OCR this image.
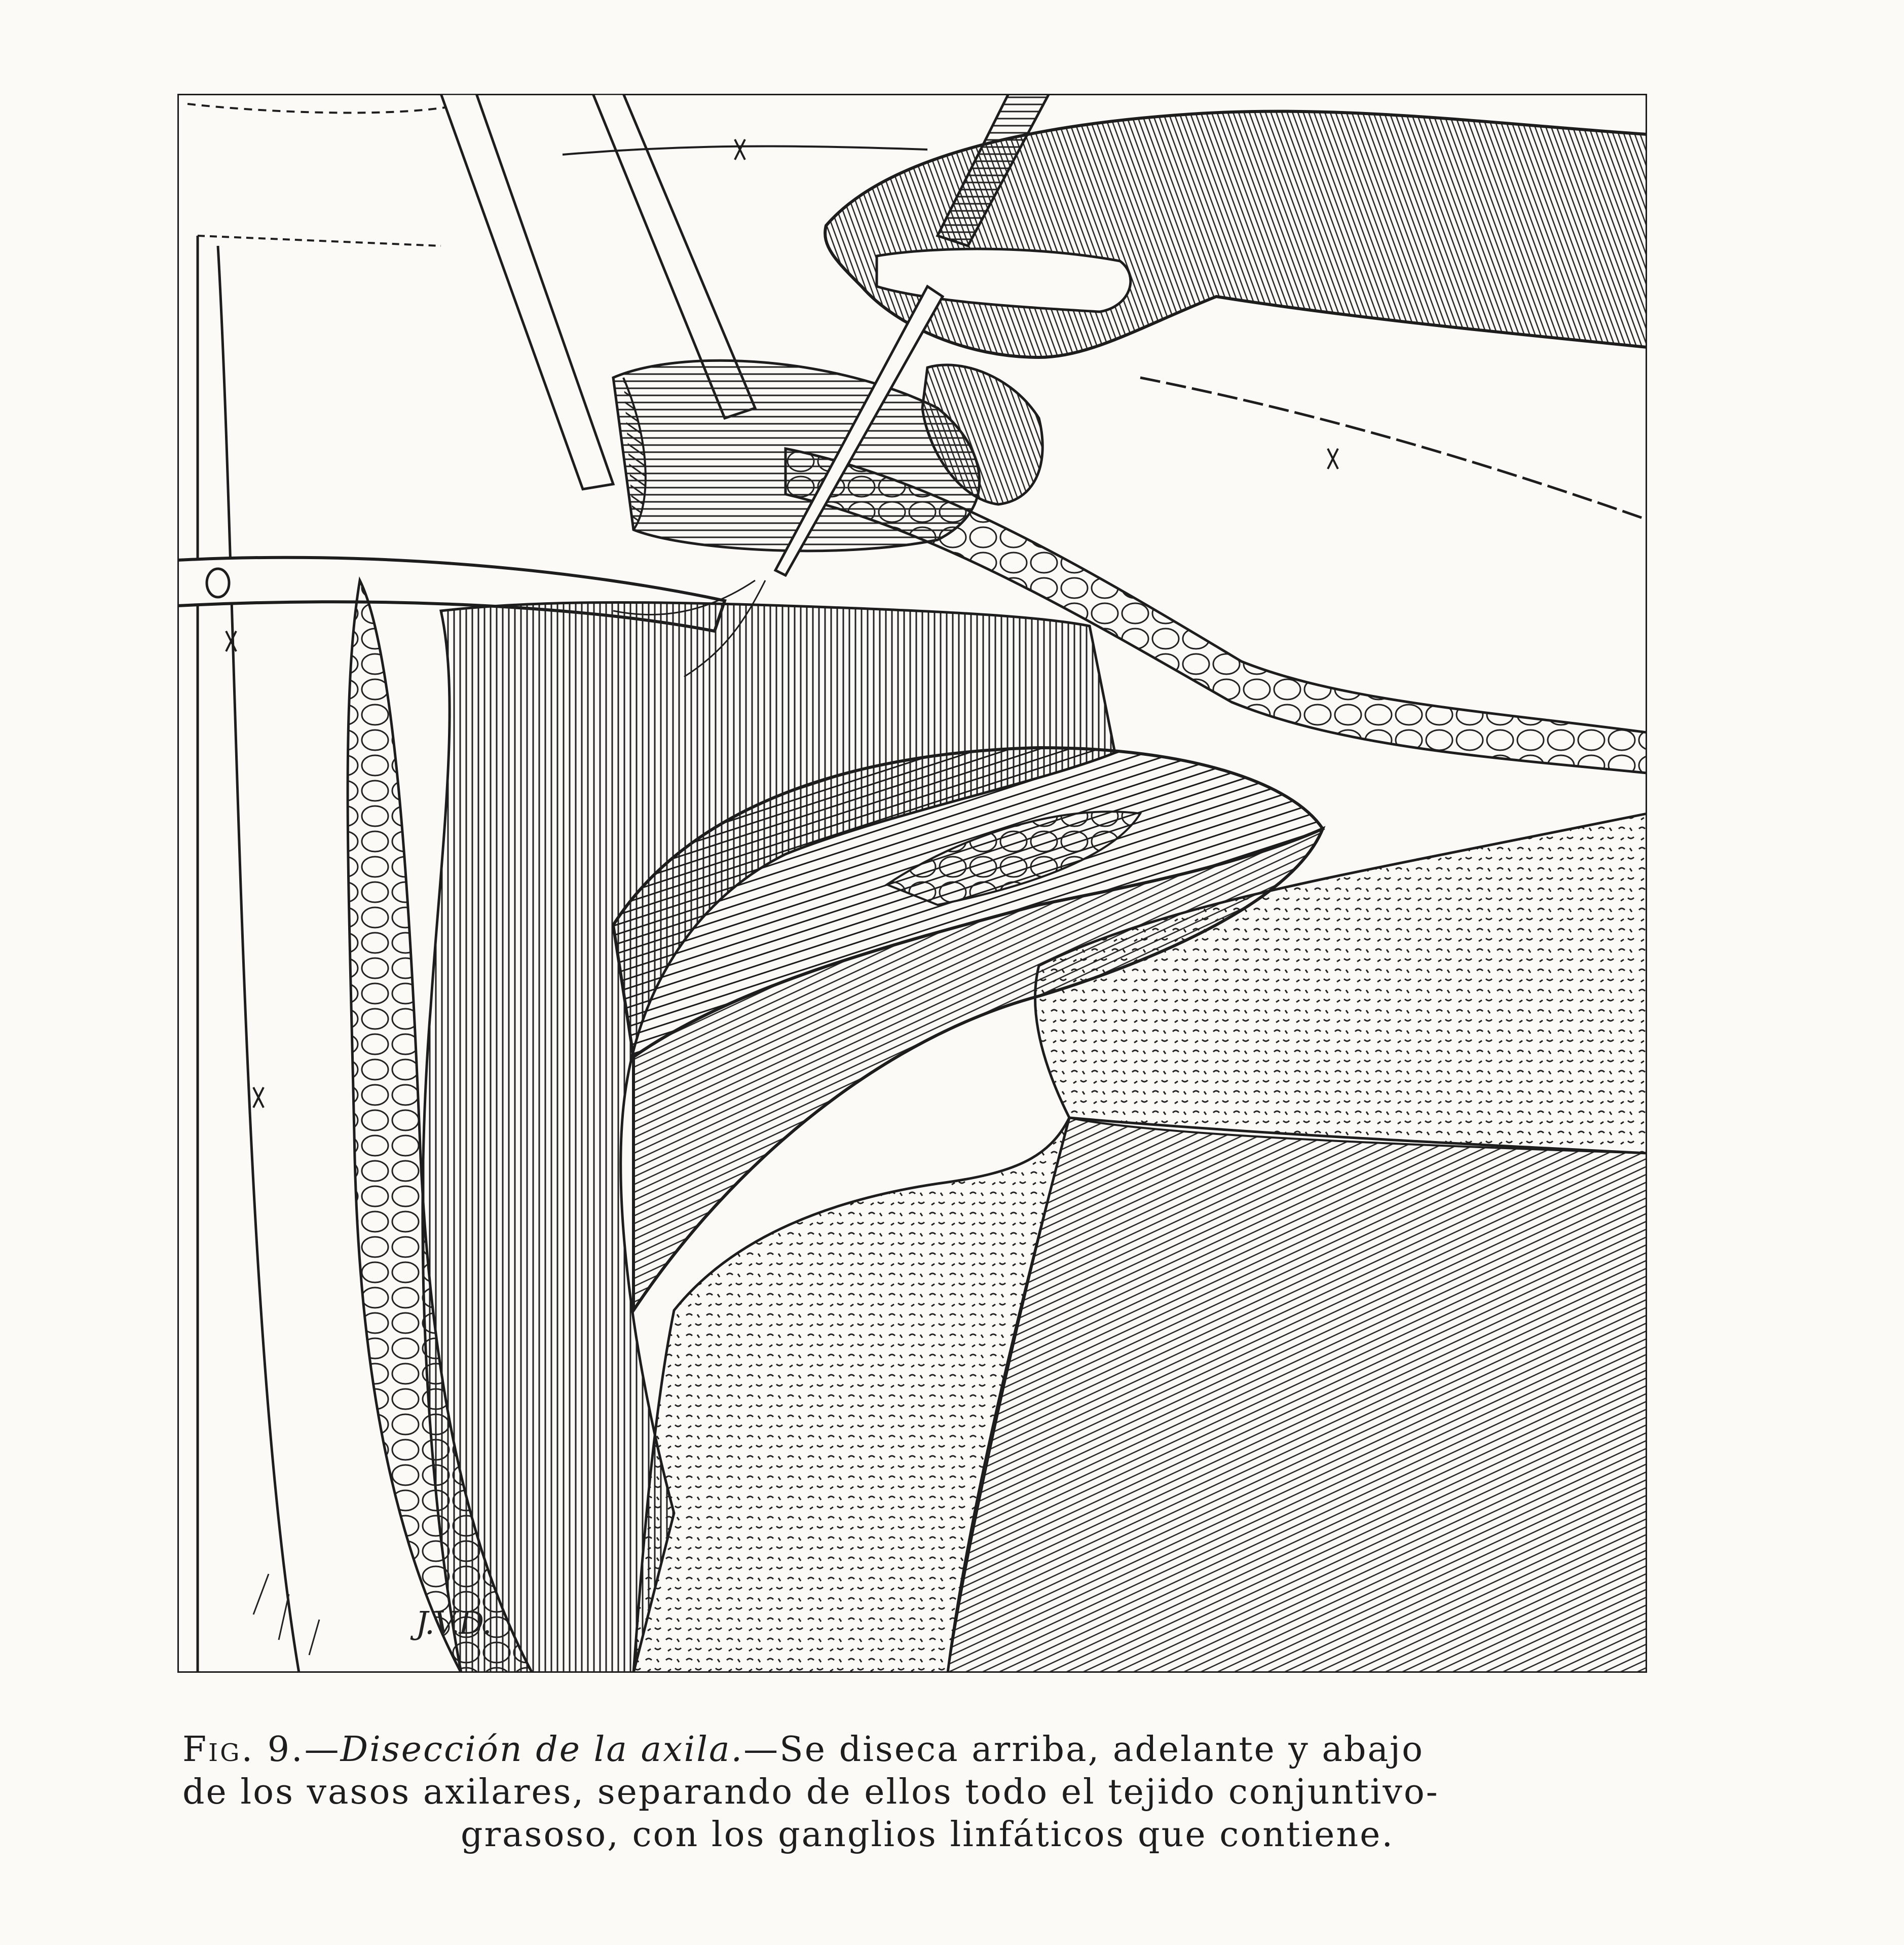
J.V.D.
Fig. 9.—Disección de la axila.—Se diseca arriba, adelante y abajo
de los vasos axilares, separando de ellos todo el tejido conjuntivo-
grasoso, con los ganglios linfáticos que contiene.
